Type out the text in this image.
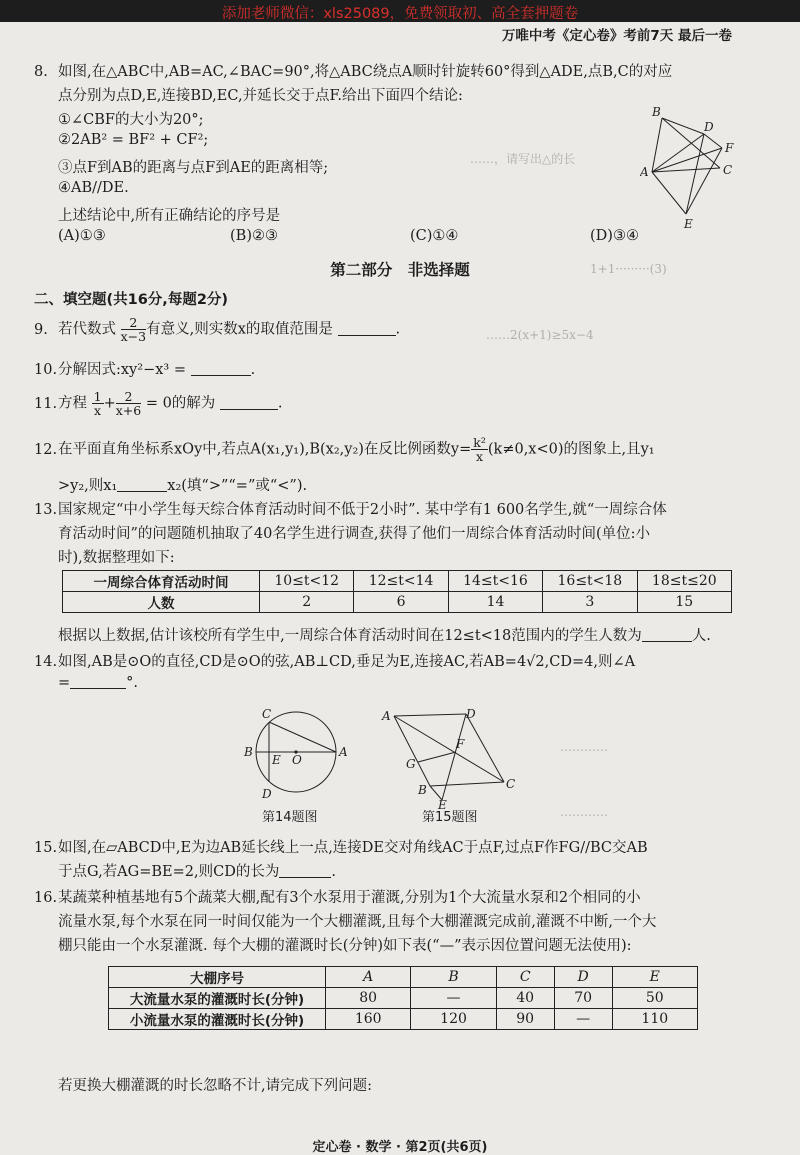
添加老师微信：xls25089，免费领取初、高全套押题卷
万唯中考《定心卷》考前7天 最后一卷
1+1·········(3)
……2(x+1)≥5x−4
……，请写出△的长
…………
…………
8. 如图,在△ABC中,AB=AC,∠BAC=90°,将△ABC绕点A顺时针旋转60°得到△ADE,点B,C的对应
点分别为点D,E,连接BD,EC,并延长交于点F.给出下面四个结论:
①∠CBF的大小为20°;
②2AB² = BF² + CF²;
③点F到AB的距离与点F到AE的距离相等;
④AB//DE.
上述结论中,所有正确结论的序号是
(A)①③	(B)②③	(C)①④	(D)③④
B
D
F
A	C
E
第二部分　非选择题
二、填空题(共16分,每题2分)
9. 若代数式 $\frac{2}{x-3}$ 有意义,则实数x的取值范围是	.
10.分解因式:xy²−x³ =	.
11.方程 $\frac{1}{x} + \frac{2}{x+6} = 0$的解为	.
12.在平面直角坐标系xOy中,若点A(x₁,y₁),B(x₂,y₂)在反比例函数$y= \frac{\text{k²}}{x} (k\ne 0,x<0)$的图象上,且y₁
>y₂,则x₁	x₂(填“>”“=”或“<”).
13.国家规定“中小学生每天综合体育活动时间不低于2小时”. 某中学有1 600名学生,就“一周综合体
育活动时间”的问题随机抽取了40名学生进行调查,获得了他们一周综合体育活动时间(单位:小
时),数据整理如下:
一周综合体育活动时间	10≤t<12	12≤t<14	14≤t<16	16≤t<18	18≤t≤20
人数	2	6	14	3	15
根据以上数据,估计该校所有学生中,一周综合体育活动时间在12≤t<18范围内的学生人数为	人.
14.如图,AB是⊙O的直径,CD是⊙O的弦,AB⊥CD,垂足为E,连接AC,若AB=4√2,CD=4,则∠A
=	°.
C
B
E O
A
D
第14题图
A	D
F
G
B	C
E
第15题图
15.如图,在▱ABCD中,E为边AB延长线上一点,连接DE交对角线AC于点F,过点F作FG//BC交AB
于点G,若AG=BE=2,则CD的长为	.
16.某蔬菜种植基地有5个蔬菜大棚,配有3个水泵用于灌溉,分别为1个大流量水泵和2个相同的小
流量水泵,每个水泵在同一时间仅能为一个大棚灌溉,且每个大棚灌溉完成前,灌溉不中断,一个大
棚只能由一个水泵灌溉. 每个大棚的灌溉时长(分钟)如下表(“—”表示因位置问题无法使用):
大棚序号	A	B	C	D	E
大流量水泵的灌溉时长(分钟)	80	—	40	70	50
小流量水泵的灌溉时长(分钟)	160	120	90	—	110
若更换大棚灌溉的时长忽略不计,请完成下列问题:
定心卷 · 数学 · 第2页(共6页)
